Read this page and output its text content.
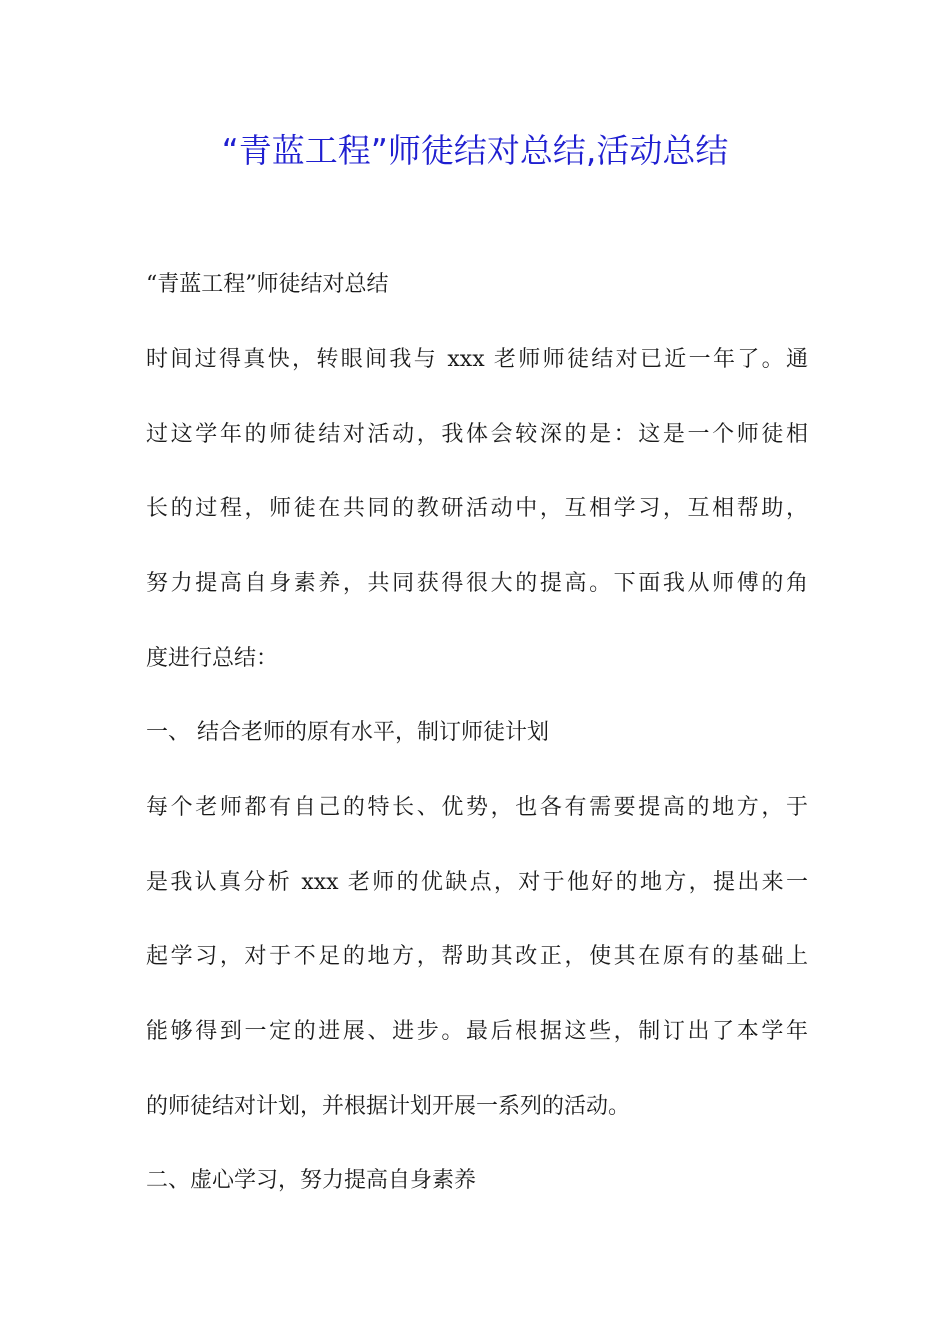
“青蓝工程”师徒结对总结,活动总结
“青蓝工程”师徒结对总结
时间过得真快，转眼间我与 xxx 老师师徒结对已近一年了。通
过这学年的师徒结对活动，我体会较深的是：这是一个师徒相
长的过程，师徒在共同的教研活动中，互相学习，互相帮助，
努力提高自身素养，共同获得很大的提高。下面我从师傅的角
度进行总结：
一、 结合老师的原有水平，制订师徒计划
每个老师都有自己的特长、优势，也各有需要提高的地方，于
是我认真分析 xxx 老师的优缺点，对于他好的地方，提出来一
起学习，对于不足的地方，帮助其改正，使其在原有的基础上
能够得到一定的进展、进步。最后根据这些，制订出了本学年
的师徒结对计划，并根据计划开展一系列的活动。
二、虚心学习，努力提高自身素养
